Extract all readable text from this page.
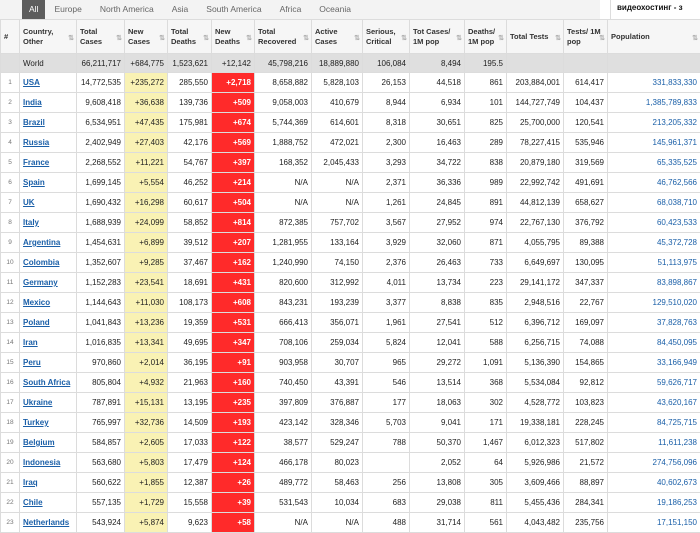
All	Europe	North America	Asia	South America	Africa	Oceania	видеохостинг - з
#	Country, Other ⇅	Total Cases ⇅	New Cases ⇅	Total Deaths ⇅	New Deaths ⇅	Total Recovered ⇅	Active Cases ⇅	Serious, Critical ⇅	Tot Cases/ 1M pop ⇅	Deaths/ 1M pop ⇅	Total Tests ⇅	Tests/ 1M pop ⇅	Population ⇅

	World	66,211,717	+684,775	1,523,621	+12,142	45,798,216	18,889,880	106,084	8,494	195.5			
1	USA	14,772,535	+235,272	285,550	+2,718	8,658,882	5,828,103	26,153	44,518	861	203,884,001	614,417	331,833,330
2	India	9,608,418	+36,638	139,736	+509	9,058,003	410,679	8,944	6,934	101	144,727,749	104,437	1,385,789,833
3	Brazil	6,534,951	+47,435	175,981	+674	5,744,369	614,601	8,318	30,651	825	25,700,000	120,541	213,205,332
4	Russia	2,402,949	+27,403	42,176	+569	1,888,752	472,021	2,300	16,463	289	78,227,415	535,946	145,961,371
5	France	2,268,552	+11,221	54,767	+397	168,352	2,045,433	3,293	34,722	838	20,879,180	319,569	65,335,525
6	Spain	1,699,145	+5,554	46,252	+214	N/A	N/A	2,371	36,336	989	22,992,742	491,691	46,762,566
7	UK	1,690,432	+16,298	60,617	+504	N/A	N/A	1,261	24,845	891	44,812,139	658,627	68,038,710
8	Italy	1,688,939	+24,099	58,852	+814	872,385	757,702	3,567	27,952	974	22,767,130	376,792	60,423,533
9	Argentina	1,454,631	+6,899	39,512	+207	1,281,955	133,164	3,929	32,060	871	4,055,795	89,388	45,372,728
10	Colombia	1,352,607	+9,285	37,467	+162	1,240,990	74,150	2,376	26,463	733	6,649,697	130,095	51,113,975
11	Germany	1,152,283	+23,541	18,691	+431	820,600	312,992	4,011	13,734	223	29,141,172	347,337	83,898,867
12	Mexico	1,144,643	+11,030	108,173	+608	843,231	193,239	3,377	8,838	835	2,948,516	22,767	129,510,020
13	Poland	1,041,843	+13,236	19,359	+531	666,413	356,071	1,961	27,541	512	6,396,712	169,097	37,828,763
14	Iran	1,016,835	+13,341	49,695	+347	708,106	259,034	5,824	12,041	588	6,256,715	74,088	84,450,095
15	Peru	970,860	+2,014	36,195	+91	903,958	30,707	965	29,272	1,091	5,136,390	154,865	33,166,949
16	South Africa	805,804	+4,932	21,963	+160	740,450	43,391	546	13,514	368	5,534,084	92,812	59,626,717
17	Ukraine	787,891	+15,131	13,195	+235	397,809	376,887	177	18,063	302	4,528,772	103,823	43,620,167
18	Turkey	765,997	+32,736	14,509	+193	423,142	328,346	5,703	9,041	171	19,338,181	228,245	84,725,715
19	Belgium	584,857	+2,605	17,033	+122	38,577	529,247	788	50,370	1,467	6,012,323	517,802	11,611,238
20	Indonesia	563,680	+5,803	17,479	+124	466,178	80,023		2,052	64	5,926,986	21,572	274,756,096
21	Iraq	560,622	+1,855	12,387	+26	489,772	58,463	256	13,808	305	3,609,466	88,897	40,602,673
22	Chile	557,135	+1,729	15,558	+39	531,543	10,034	683	29,038	811	5,455,436	284,341	19,186,253
23	Netherlands	543,924	+5,874	9,623	+58	N/A	N/A	488	31,714	561	4,043,482	235,756	17,151,150
